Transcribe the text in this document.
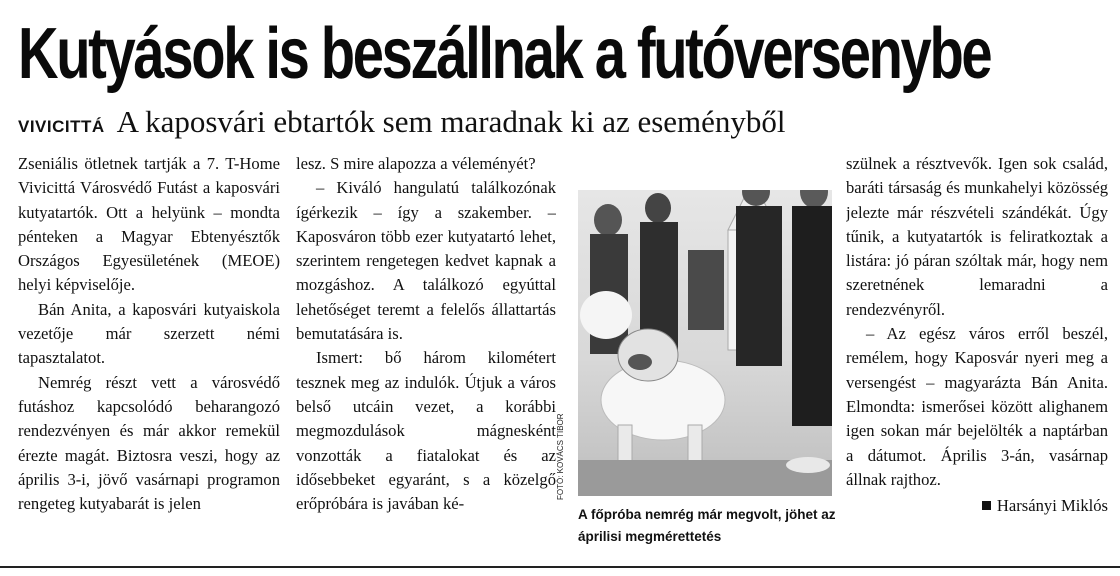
Kutyások is beszállnak a futóversenybe
VIVICITTÁ A kaposvári ebtartók sem maradnak ki az eseményből

Zseniális ötletnek tartják a 7. T-Home Vivicittá Városvédő Futást a kaposvári kutyatartók. Ott a helyünk – mondta pénteken a Magyar Ebtenyésztők Országos Egyesületének (MEOE) helyi képviselője.

Bán Anita, a kaposvári kutyaiskola vezetője már szerzett némi tapasztalatot.

Nemrég részt vett a városvédő futáshoz kapcsolódó beharangozó rendezvényen és már akkor remekül érezte magát. Biztosra veszi, hogy az április 3-i, jövő vasárnapi programon rengeteg kutyabarát is jelen

lesz. S mire alapozza a véleményét?

– Kiváló hangulatú találkozónak ígérkezik – így a szakember. – Kaposváron több ezer kutyatartó lehet, szerintem rengetegen kedvet kapnak a mozgáshoz. A találkozó egyúttal lehetőséget teremt a felelős állattartás bemutatására is.

Ismert: bő három kilométert tesznek meg az indulók. Útjuk a város belső utcáin vezet, a korábbi megmozdulások mágnesként vonzották a fiatalokat és az idősebbeket egyaránt, s a közelgő erőpróbára is javában ké-

FOTÓ: KOVÁCS TIBOR
A főpróba nemrég már megvolt, jöhet az áprilisi megmérettetés

szülnek a résztvevők. Igen sok család, baráti társaság és munkahelyi közösség jelezte már részvételi szándékát. Úgy tűnik, a kutyatartók is feliratkoztak a listára: jó páran szóltak már, hogy nem szeretnének lemaradni a rendezvényről.

– Az egész város erről beszél, remélem, hogy Kaposvár nyeri meg a versengést – magyarázta Bán Anita. Elmondta: ismerősei között alighanem igen sokan már bejelölték a naptárban a dátumot. Április 3-án, vasárnap állnak rajthoz.

Harsányi Miklós
